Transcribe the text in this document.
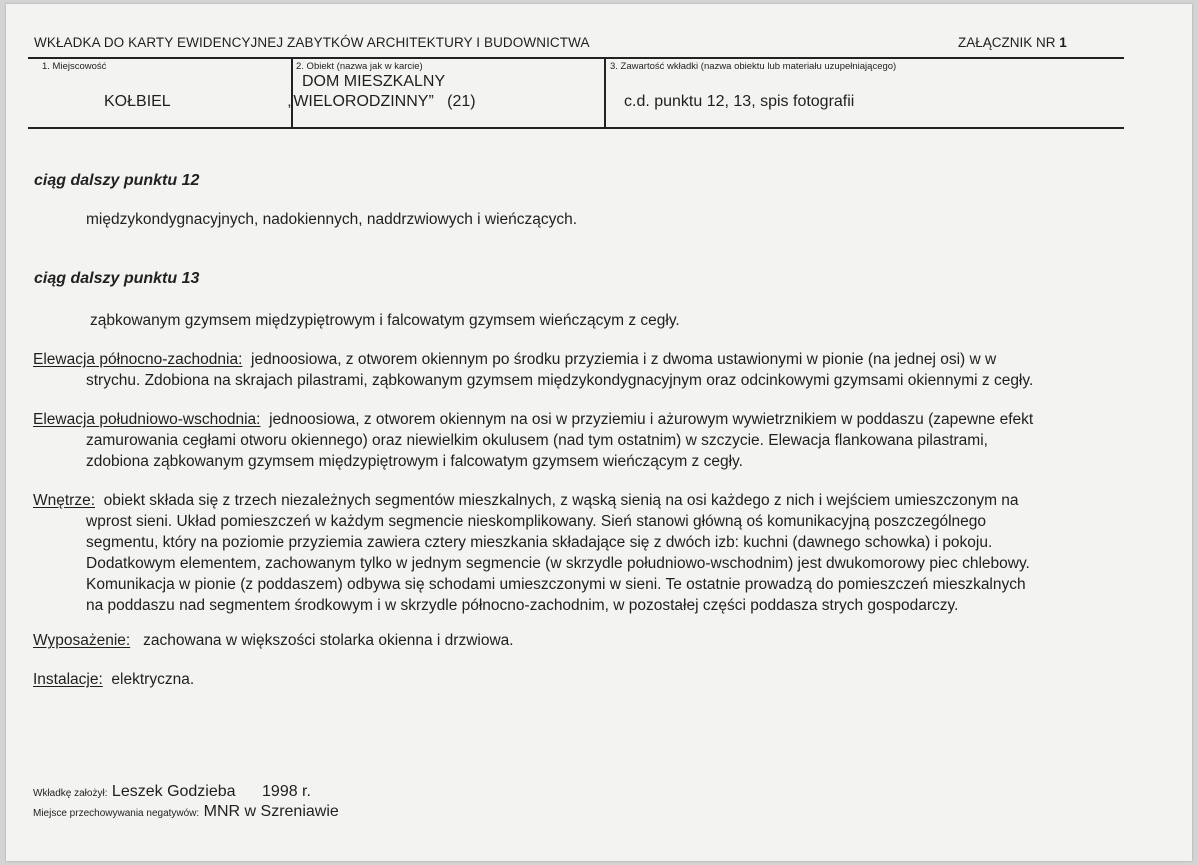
WKŁADKA DO KARTY EWIDENCYJNEJ ZABYTKÓW ARCHITEKTURY I BUDOWNICTWA	ZAŁĄCZNIK NR 1
1. Miejscowość
KOŁBIEL
2. Obiekt (nazwa jak w karcie)
DOM MIESZKALNY
„WIELORODZINNY” (21)
3. Zawartość wkładki (nazwa obiektu lub materiału uzupełniającego)
c.d. punktu 12, 13, spis fotografii
ciąg dalszy punktu 12
międzykondygnacyjnych, nadokiennych, naddrzwiowych i wieńczących.
ciąg dalszy punktu 13
ząbkowanym gzymsem międzypiętrowym i falcowatym gzymsem wieńczącym z cegły.
Elewacja północno-zachodnia: jednoosiowa, z otworem okiennym po środku przyziemia i z dwoma ustawionymi w pionie (na jednej osi) w w
strychu. Zdobiona na skrajach pilastrami, ząbkowanym gzymsem międzykondygnacyjnym oraz odcinkowymi gzymsami okiennymi z cegły.
Elewacja południowo-wschodnia: jednoosiowa, z otworem okiennym na osi w przyziemiu i ażurowym wywietrznikiem w poddaszu (zapewne efekt
zamurowania cegłami otworu okiennego) oraz niewielkim okulusem (nad tym ostatnim) w szczycie. Elewacja flankowana pilastrami,
zdobiona ząbkowanym gzymsem międzypiętrowym i falcowatym gzymsem wieńczącym z cegły.
Wnętrze: obiekt składa się z trzech niezależnych segmentów mieszkalnych, z wąską sienią na osi każdego z nich i wejściem umieszczonym na
wprost sieni. Układ pomieszczeń w każdym segmencie nieskomplikowany. Sień stanowi główną oś komunikacyjną poszczególnego
segmentu, który na poziomie przyziemia zawiera cztery mieszkania składające się z dwóch izb: kuchni (dawnego schowka) i pokoju.
Dodatkowym elementem, zachowanym tylko w jednym segmencie (w skrzydle południowo-wschodnim) jest dwukomorowy piec chlebowy.
Komunikacja w pionie (z poddaszem) odbywa się schodami umieszczonymi w sieni. Te ostatnie prowadzą do pomieszczeń mieszkalnych
na poddaszu nad segmentem środkowym i w skrzydle północno-zachodnim, w pozostałej części poddasza strych gospodarczy.
Wyposażenie: zachowana w większości stolarka okienna i drzwiowa.
Instalacje: elektryczna.
Wkładkę założył: Leszek Godzieba 1998 r.
Miejsce przechowywania negatywów: MNR w Szreniawie
